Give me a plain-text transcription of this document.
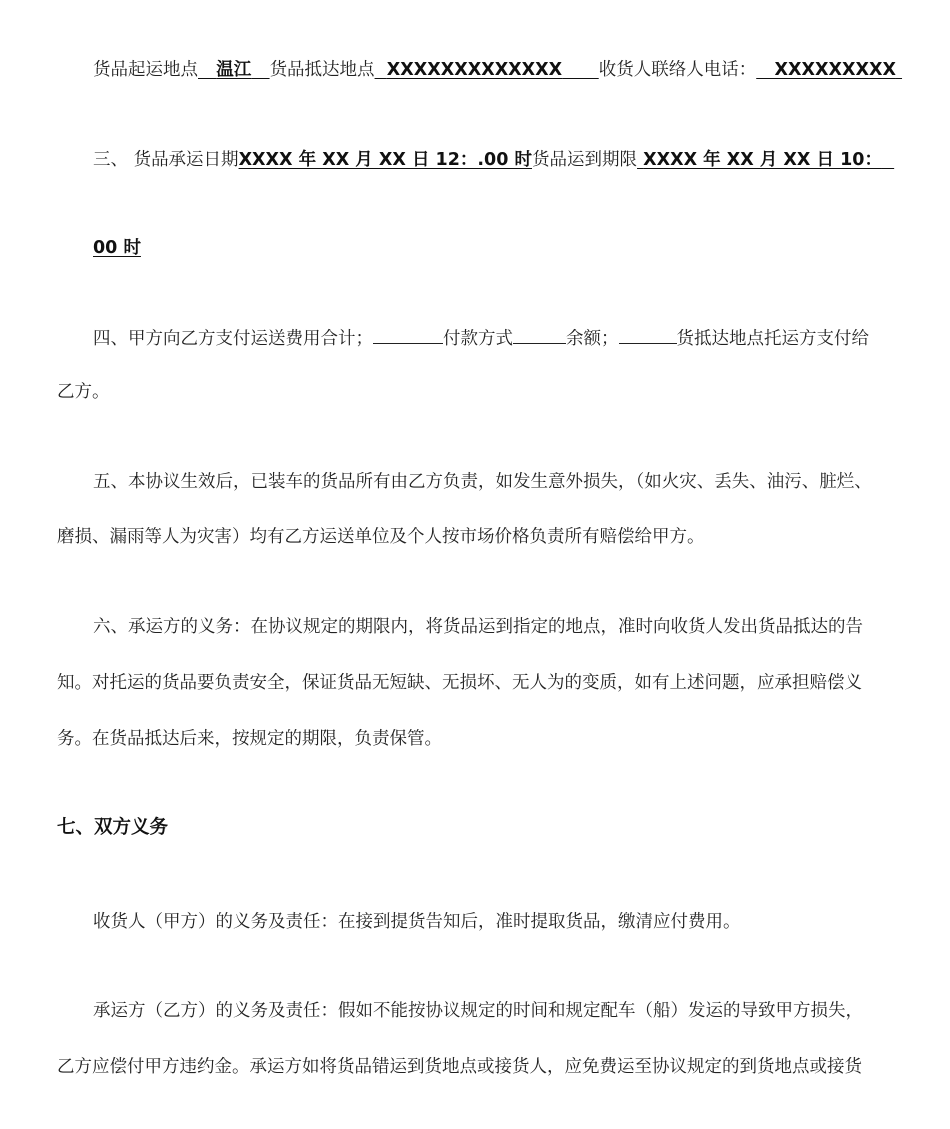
货品起运地点 温江 货品抵达地点 XXXXXXXXXXXXX 收货人联络人电话： XXXXXXXXX
三、 货品承运日期XXXX 年 XX 月 XX 日 12：.00 时货品运到期限 XXXX 年 XX 月 XX 日 10：
00 时
四、甲方向乙方支付运送费用合计；	付款方式	余额；	货抵达地点托运方支付给
乙方。
五、本协议生效后，已装车的货品所有由乙方负责，如发生意外损失，（如火灾、丢失、油污、脏烂、
磨损、漏雨等人为灾害）均有乙方运送单位及个人按市场价格负责所有赔偿给甲方。
六、承运方的义务：在协议规定的期限内，将货品运到指定的地点，准时向收货人发出货品抵达的告
知。对托运的货品要负责安全，保证货品无短缺、无损坏、无人为的变质，如有上述问题，应承担赔偿义
务。在货品抵达后来，按规定的期限，负责保管。
七、双方义务
收货人（甲方）的义务及责任：在接到提货告知后，准时提取货品，缴清应付费用。
承运方（乙方）的义务及责任：假如不能按协议规定的时间和规定配车（船）发运的导致甲方损失，
乙方应偿付甲方违约金。承运方如将货品错运到货地点或接货人，应免费运至协议规定的到货地点或接货
